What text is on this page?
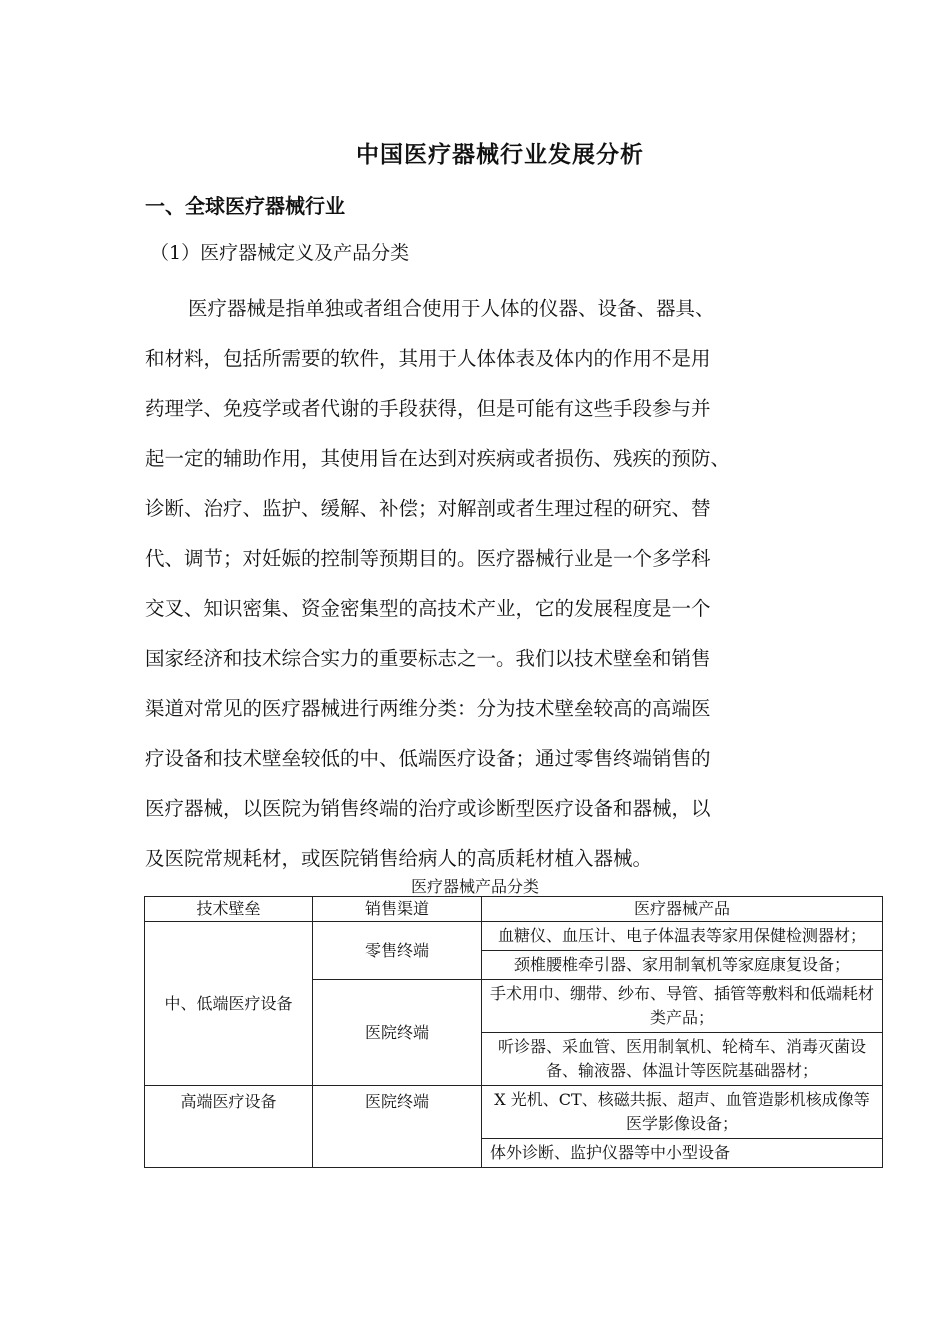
中国医疗器械行业发展分析
一、全球医疗器械行业
（1）医疗器械定义及产品分类
医疗器械是指单独或者组合使用于人体的仪器、设备、器具、
和材料，包括所需要的软件，其用于人体体表及体内的作用不是用
药理学、免疫学或者代谢的手段获得，但是可能有这些手段参与并
起一定的辅助作用，其使用旨在达到对疾病或者损伤、残疾的预防、
诊断、治疗、监护、缓解、补偿；对解剖或者生理过程的研究、替
代、调节；对妊娠的控制等预期目的。医疗器械行业是一个多学科
交叉、知识密集、资金密集型的高技术产业，它的发展程度是一个
国家经济和技术综合实力的重要标志之一。我们以技术壁垒和销售
渠道对常见的医疗器械进行两维分类：分为技术壁垒较高的高端医
疗设备和技术壁垒较低的中、低端医疗设备；通过零售终端销售的
医疗器械，以医院为销售终端的治疗或诊断型医疗设备和器械，以
及医院常规耗材，或医院销售给病人的高质耗材植入器械。
医疗器械产品分类
技术壁垒	销售渠道	医疗器械产品
中、低端医疗设备	零售终端	血糖仪、血压计、电子体温表等家用保健检测器材；
		颈椎腰椎牵引器、家用制氧机等家庭康复设备；
	医院终端	手术用巾、绷带、纱布、导管、插管等敷料和低端耗材类产品；
		听诊器、采血管、医用制氧机、轮椅车、消毒灭菌设备、输液器、体温计等医院基础器材；
高端医疗设备	医院终端	X 光机、CT、核磁共振、超声、血管造影机核成像等医学影像设备；
		体外诊断、监护仪器等中小型设备
